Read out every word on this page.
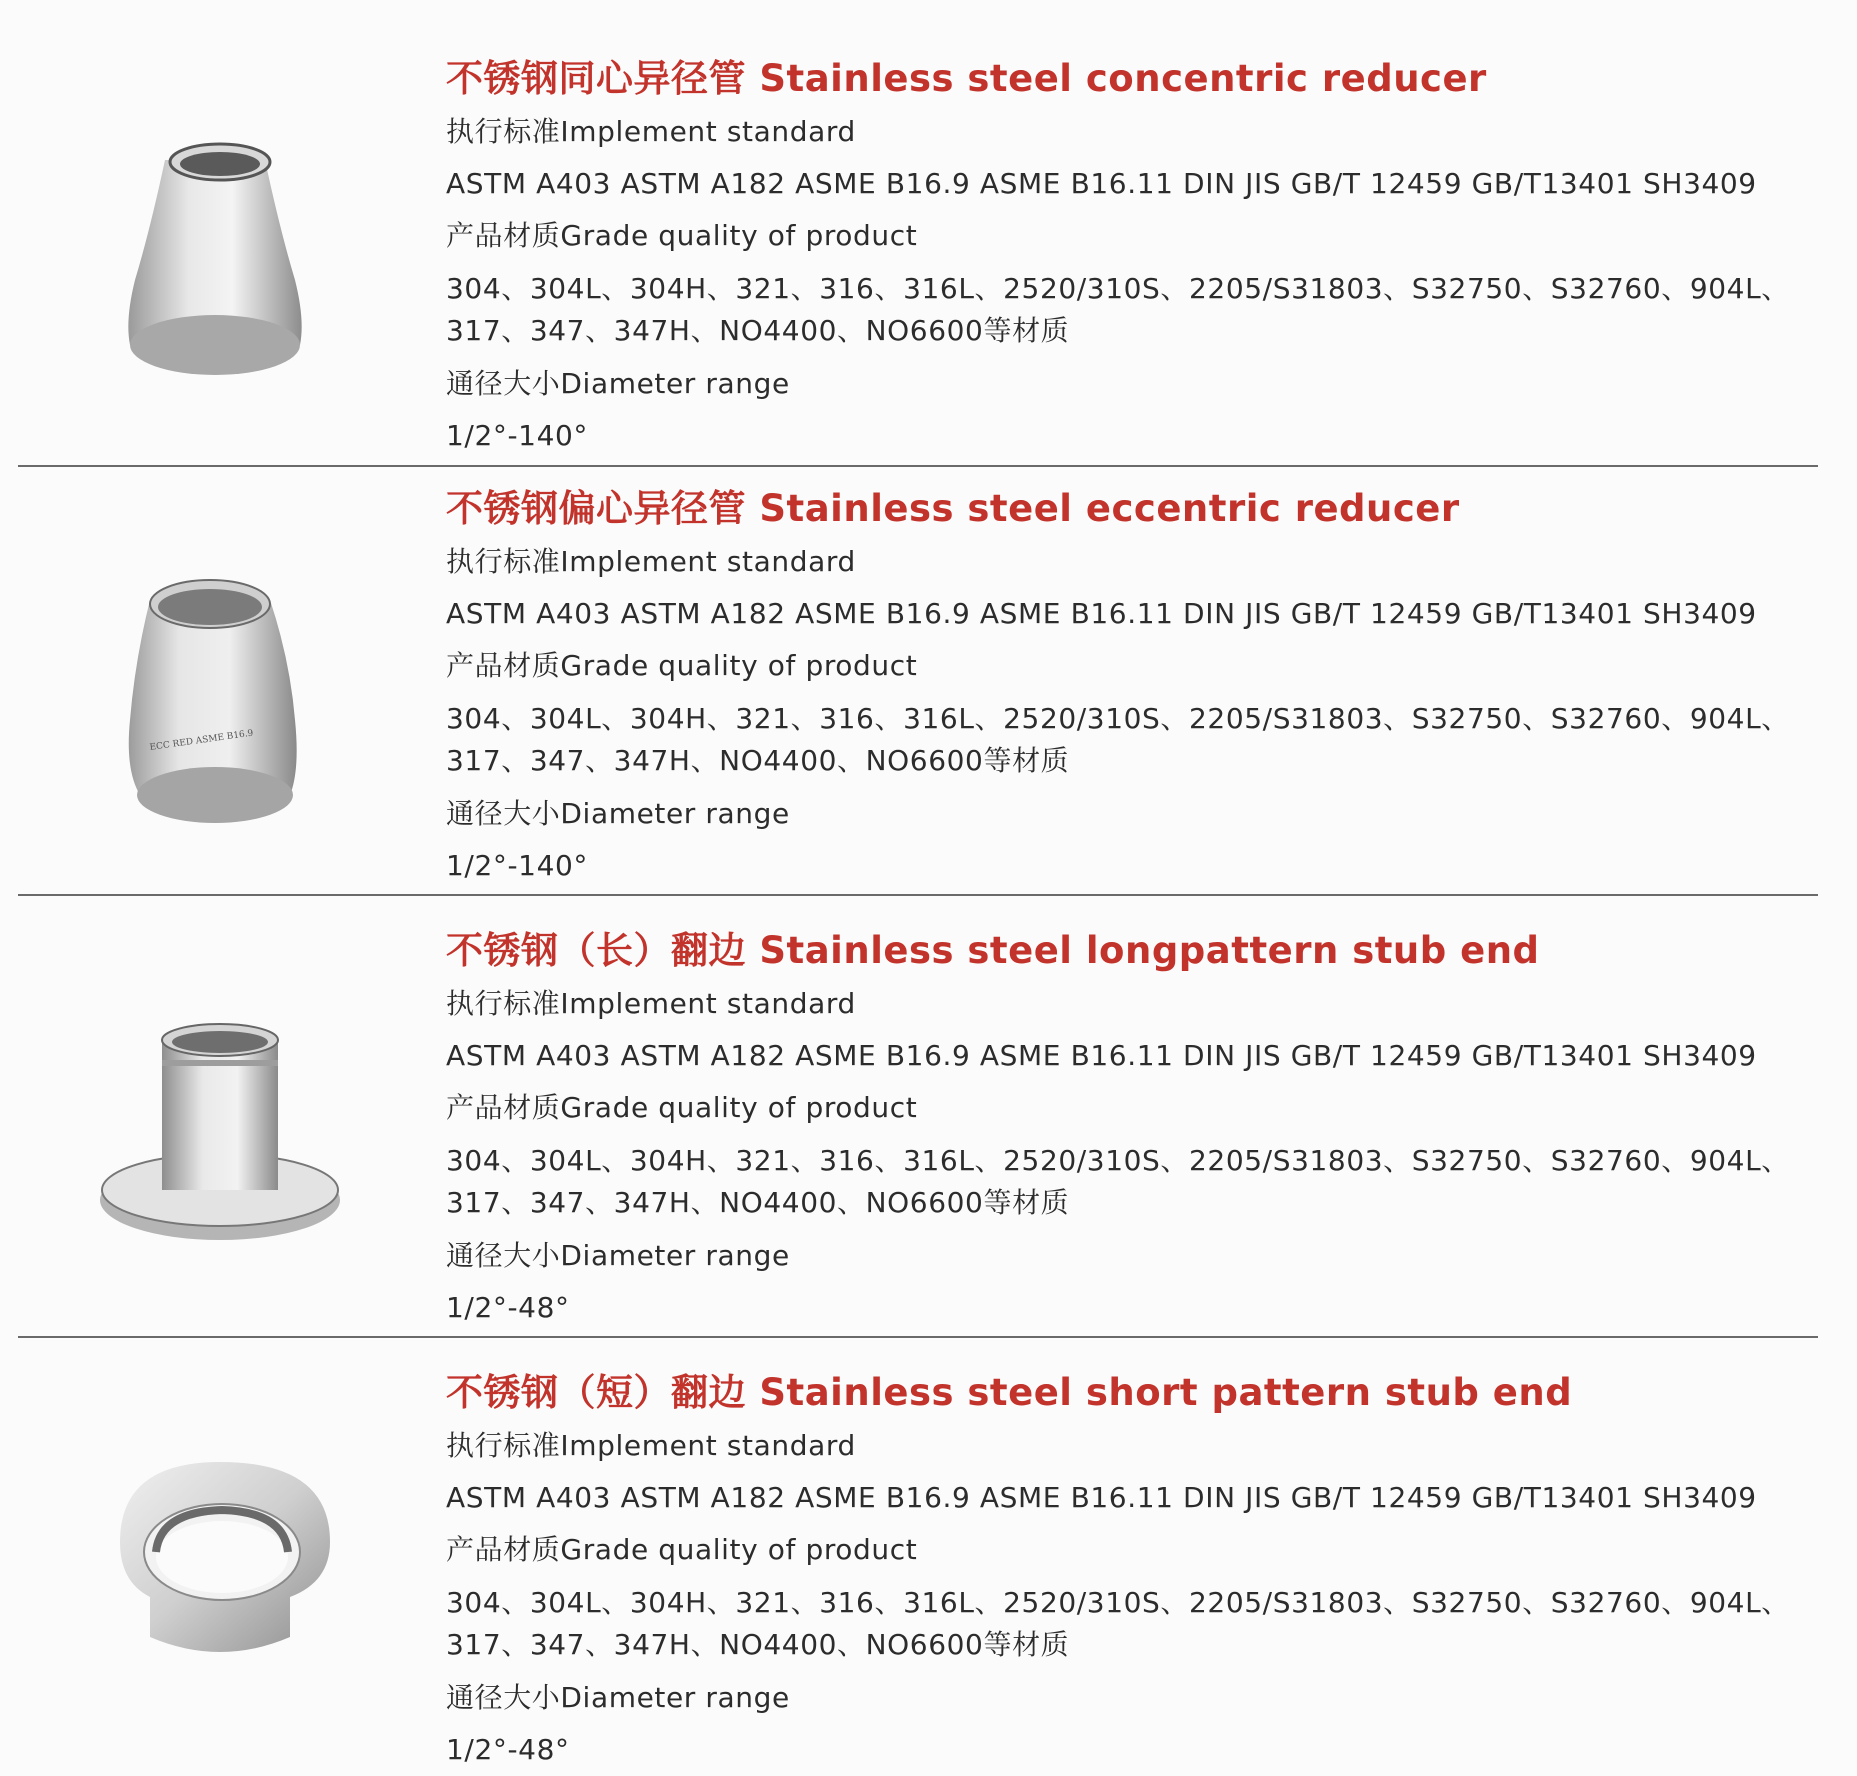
不锈钢同心异径管 Stainless steel concentric reducer
执行标准Implement standard
ASTM A403 ASTM A182 ASME B16.9 ASME B16.11 DIN JIS GB/T 12459 GB/T13401 SH3409
产品材质Grade quality of product
304、304L、304H、321、316、316L、2520/310S、2205/S31803、S32750、S32760、904L、
317、347、347H、NO4400、NO6600等材质
通径大小Diameter range
1/2°-140°
ECC RED ASME B16.9
不锈钢偏心异径管 Stainless steel eccentric reducer
执行标准Implement standard
ASTM A403 ASTM A182 ASME B16.9 ASME B16.11 DIN JIS GB/T 12459 GB/T13401 SH3409
产品材质Grade quality of product
304、304L、304H、321、316、316L、2520/310S、2205/S31803、S32750、S32760、904L、
317、347、347H、NO4400、NO6600等材质
通径大小Diameter range
1/2°-140°
不锈钢（长）翻边 Stainless steel longpattern stub end
执行标准Implement standard
ASTM A403 ASTM A182 ASME B16.9 ASME B16.11 DIN JIS GB/T 12459 GB/T13401 SH3409
产品材质Grade quality of product
304、304L、304H、321、316、316L、2520/310S、2205/S31803、S32750、S32760、904L、
317、347、347H、NO4400、NO6600等材质
通径大小Diameter range
1/2°-48°
不锈钢（短）翻边 Stainless steel short pattern stub end
执行标准Implement standard
ASTM A403 ASTM A182 ASME B16.9 ASME B16.11 DIN JIS GB/T 12459 GB/T13401 SH3409
产品材质Grade quality of product
304、304L、304H、321、316、316L、2520/310S、2205/S31803、S32750、S32760、904L、
317、347、347H、NO4400、NO6600等材质
通径大小Diameter range
1/2°-48°
